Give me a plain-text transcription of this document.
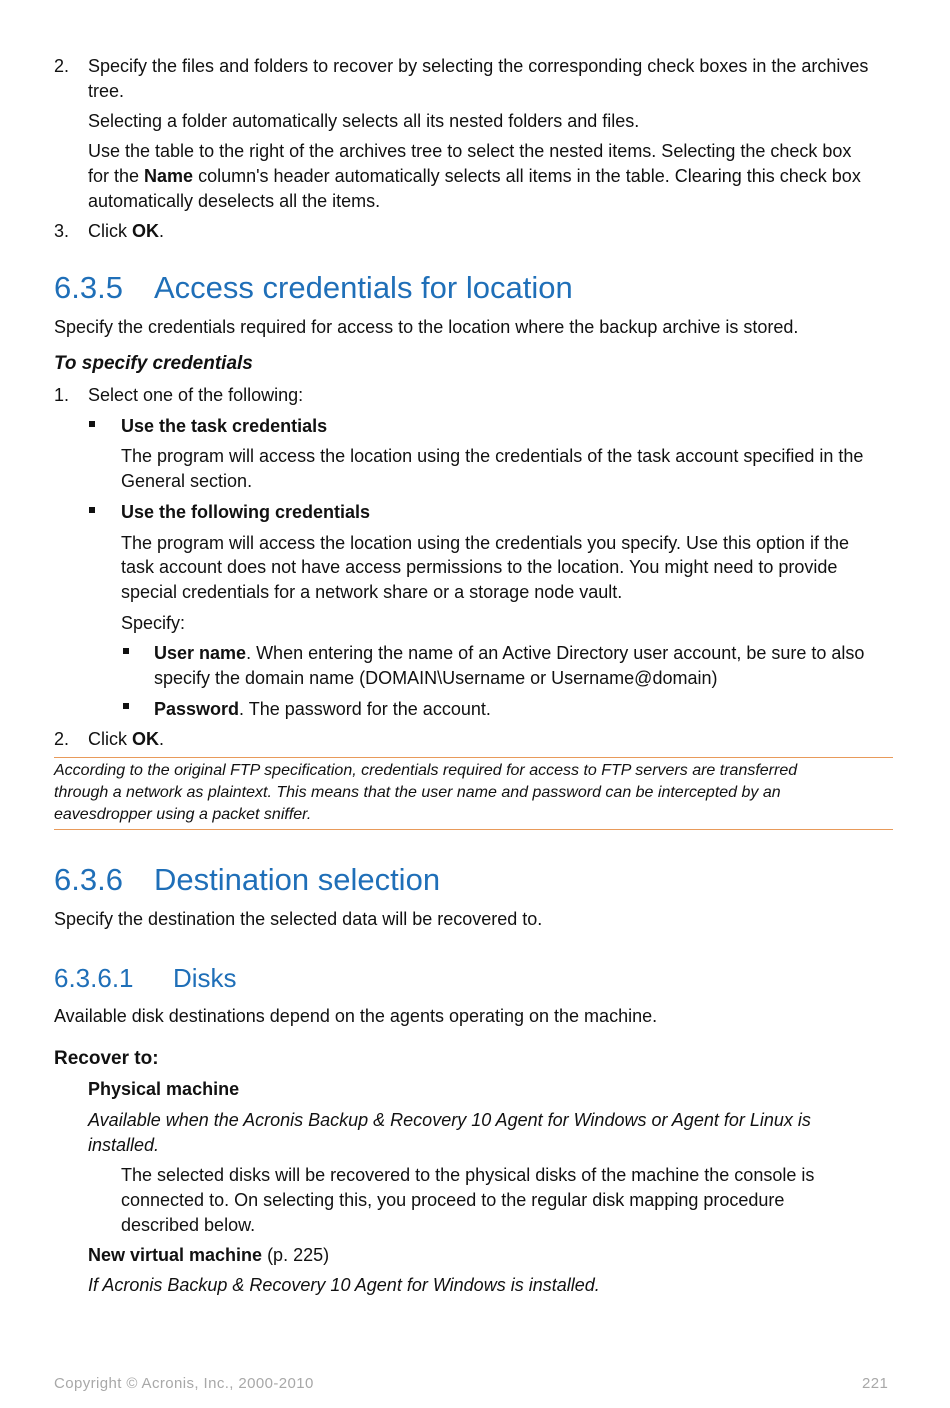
2. Specify the files and folders to recover by selecting the corresponding check boxes in the archives
tree.
Selecting a folder automatically selects all its nested folders and files.
Use the table to the right of the archives tree to select the nested items. Selecting the check box
for the Name column's header automatically selects all items in the table. Clearing this check box
automatically deselects all the items.
3. Click OK.
6.3.5 Access credentials for location
Specify the credentials required for access to the location where the backup archive is stored.
To specify credentials
1. Select one of the following:
Use the task credentials
The program will access the location using the credentials of the task account specified in the
General section.
Use the following credentials
The program will access the location using the credentials you specify. Use this option if the
task account does not have access permissions to the location. You might need to provide
special credentials for a network share or a storage node vault.
Specify:
User name. When entering the name of an Active Directory user account, be sure to also
specify the domain name (DOMAIN\Username or Username@domain)
Password. The password for the account.
2. Click OK.
According to the original FTP specification, credentials required for access to FTP servers are transferred
through a network as plaintext. This means that the user name and password can be intercepted by an
eavesdropper using a packet sniffer.
6.3.6 Destination selection
Specify the destination the selected data will be recovered to.
6.3.6.1 Disks
Available disk destinations depend on the agents operating on the machine.
Recover to:
Physical machine
Available when the Acronis Backup & Recovery 10 Agent for Windows or Agent for Linux is
installed.
The selected disks will be recovered to the physical disks of the machine the console is
connected to. On selecting this, you proceed to the regular disk mapping procedure
described below.
New virtual machine (p. 225)
If Acronis Backup & Recovery 10 Agent for Windows is installed.
Copyright © Acronis, Inc., 2000-2010	221
